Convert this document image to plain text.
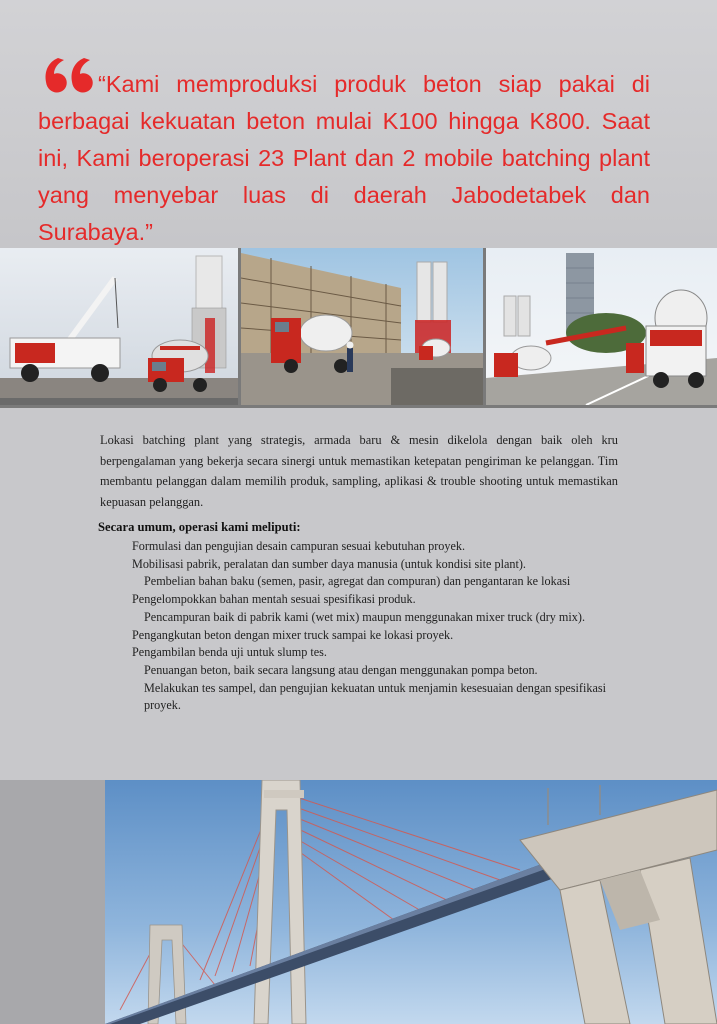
“Kami memproduksi produk beton siap pakai di berbagai kekuatan beton mulai K100 hingga K800. Saat ini, Kami beroperasi 23 Plant dan 2 mobile batching plant yang menyebar luas di daerah Jabodetabek dan Surabaya.”

Lokasi batching plant yang strategis, armada baru & mesin dikelola dengan baik oleh kru berpengalaman yang bekerja secara sinergi untuk memastikan ketepatan pengiriman ke pelanggan. Tim membantu pelanggan dalam memilih produk, sampling, aplikasi & trouble shooting untuk memastikan kepuasan pelanggan.

Secara umum, operasi kami meliputi:

Formulasi dan pengujian desain campuran sesuai kebutuhan proyek.
Mobilisasi pabrik, peralatan dan sumber daya manusia (untuk kondisi site plant).
Pembelian bahan baku (semen, pasir, agregat dan compuran) dan pengantaran ke lokasi
Pengelompokkan bahan mentah sesuai spesifikasi produk.
Pencampuran baik di pabrik kami (wet mix) maupun menggunakan mixer truck (dry mix).
Pengangkutan beton dengan mixer truck sampai ke lokasi proyek.
Pengambilan benda uji untuk slump tes.
Penuangan beton, baik secara langsung atau dengan menggunakan pompa beton.
Melakukan tes sampel, dan pengujian kekuatan untuk menjamin kesesuaian dengan spesifikasi proyek.
